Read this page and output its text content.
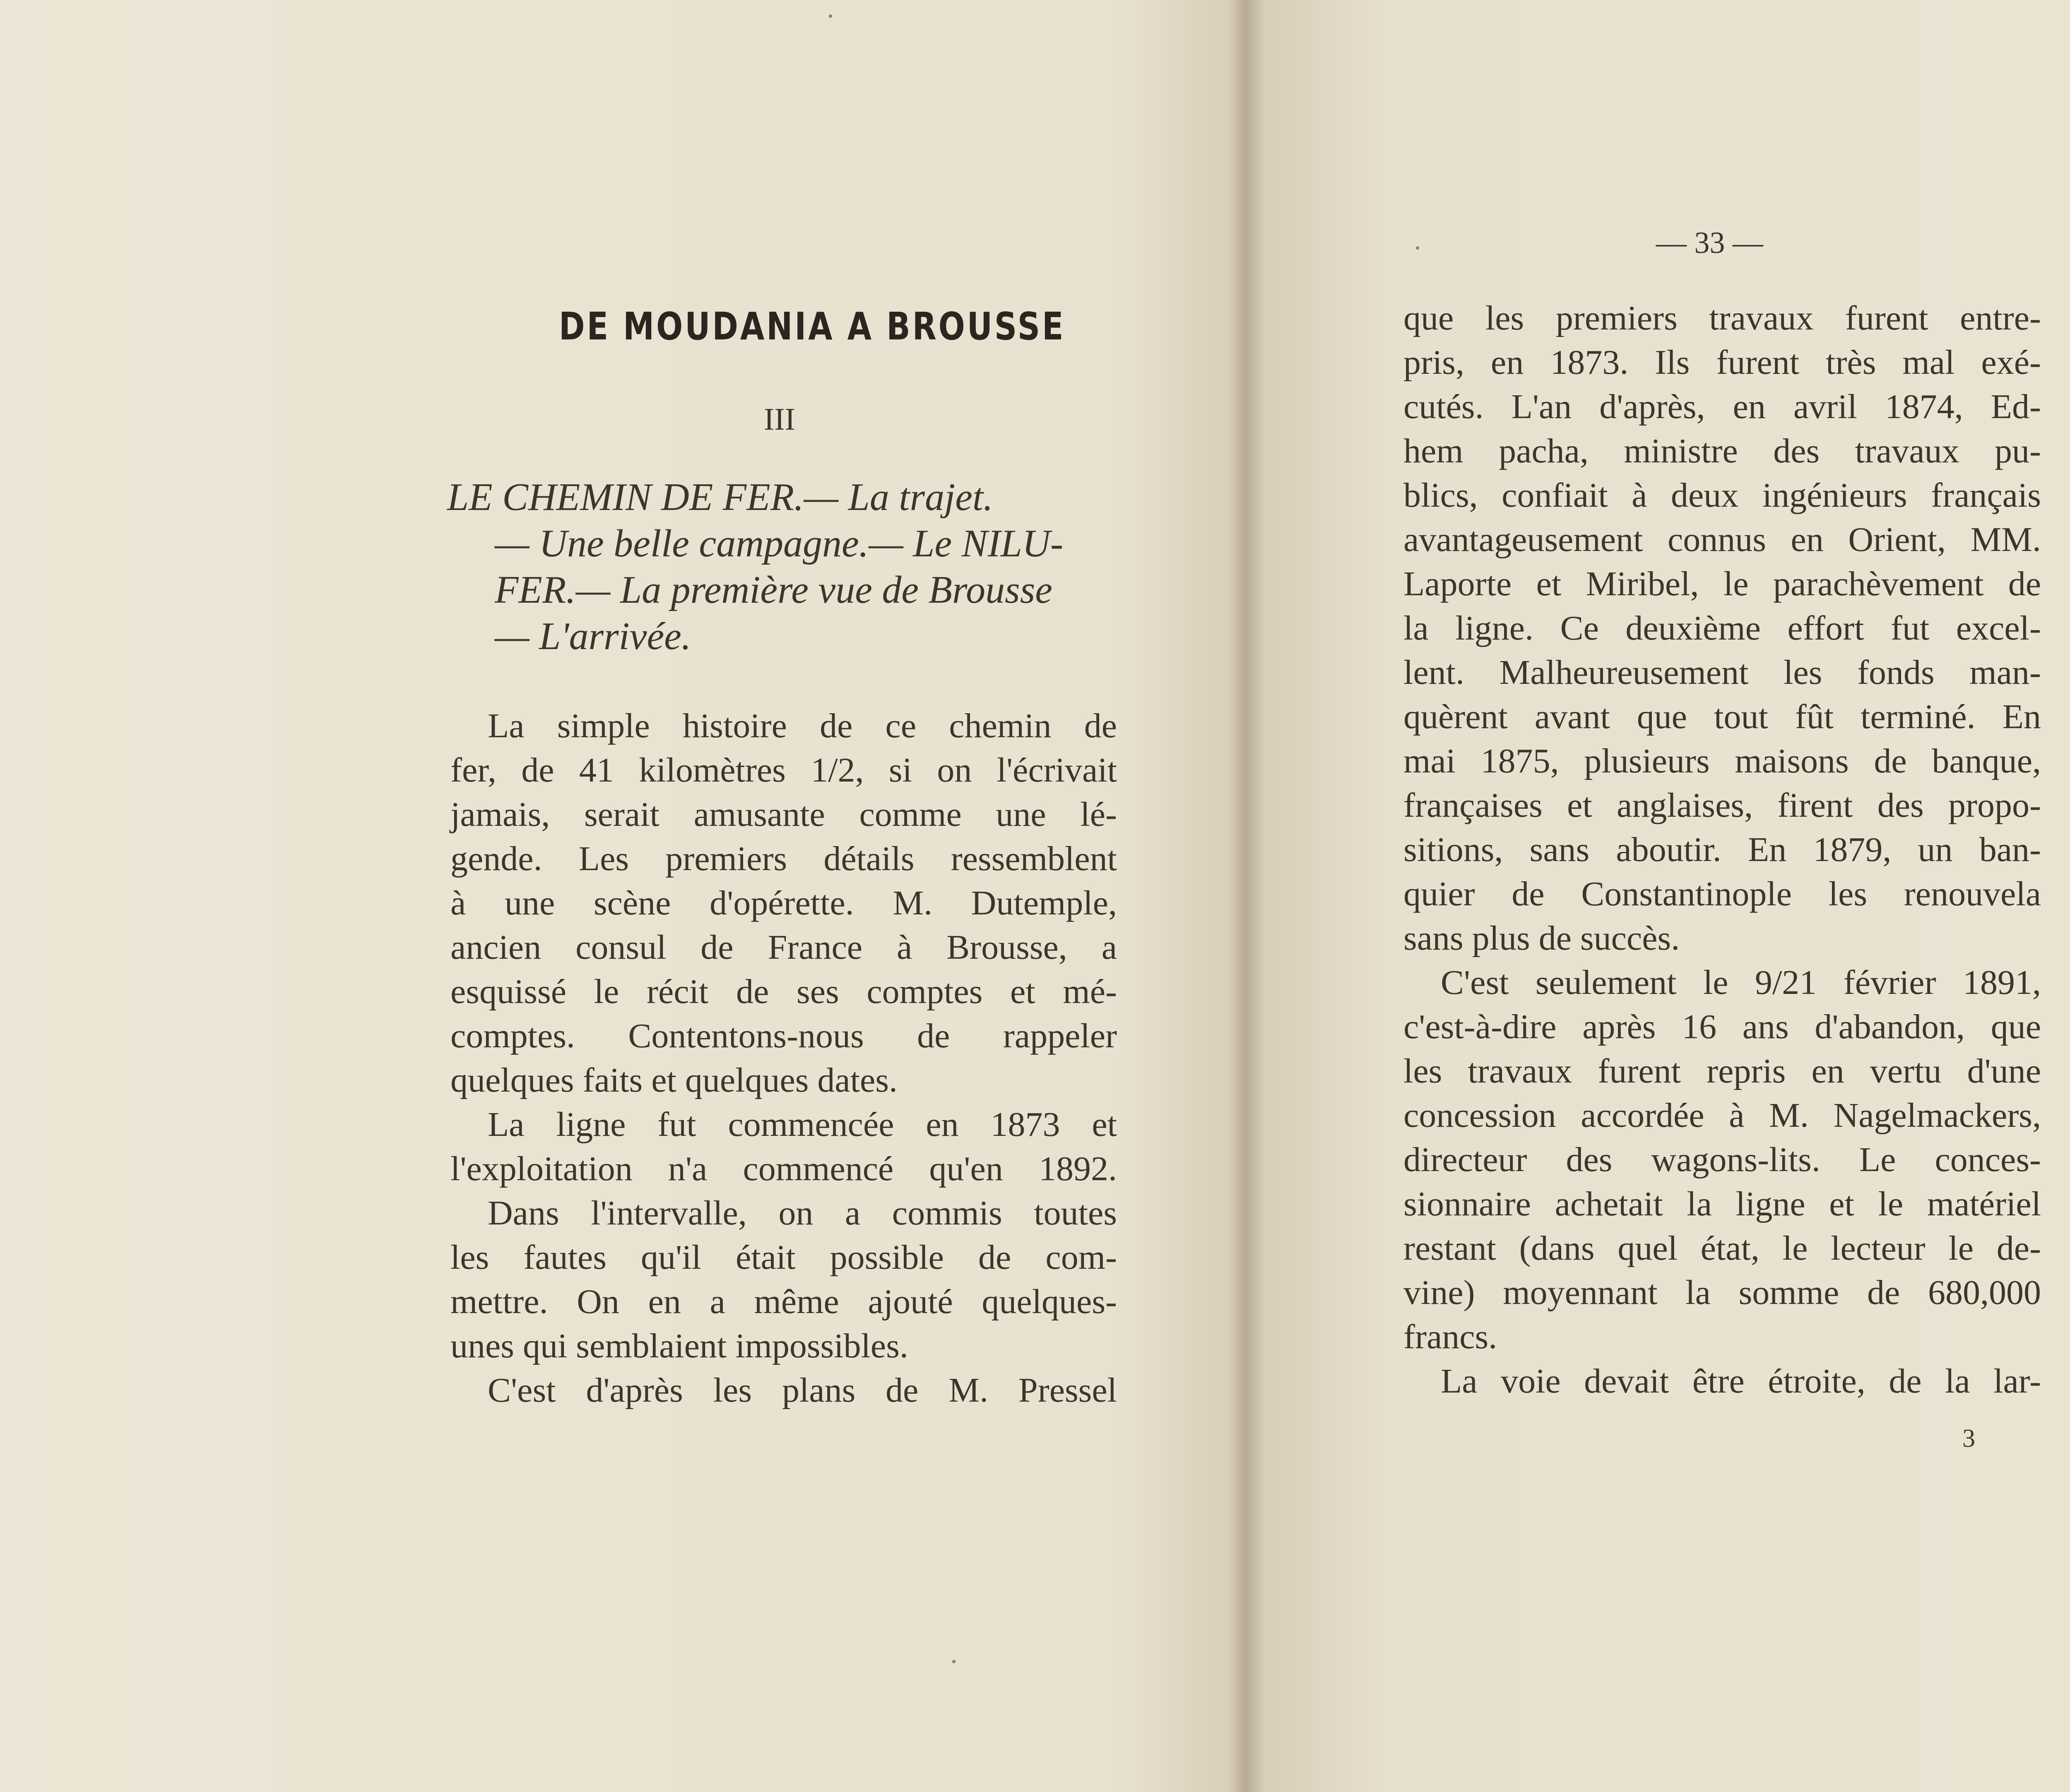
DE MOUDANIA A BROUSSE
III
LE CHEMIN DE FER.— La trajet.
— Une belle campagne.— Le NILU-
FER.— La première vue de Brousse
— L'arrivée.
La simple histoire de ce chemin de
fer, de 41 kilomètres 1/2, si on l'écrivait
jamais, serait amusante comme une lé-
gende. Les premiers détails ressemblent
à une scène d'opérette. M. Dutemple,
ancien consul de France à Brousse, a
esquissé le récit de ses comptes et mé-
comptes. Contentons-nous de rappeler
quelques faits et quelques dates.
La ligne fut commencée en 1873 et
l'exploitation n'a commencé qu'en 1892.
Dans l'intervalle, on a commis toutes
les fautes qu'il était possible de com-
mettre. On en a même ajouté quelques-
unes qui semblaient impossibles.
C'est d'après les plans de M. Pressel
— 33 —
que les premiers travaux furent entre-
pris, en 1873. Ils furent très mal exé-
cutés. L'an d'après, en avril 1874, Ed-
hem pacha, ministre des travaux pu-
blics, confiait à deux ingénieurs français
avantageusement connus en Orient, MM.
Laporte et Miribel, le parachèvement de
la ligne. Ce deuxième effort fut excel-
lent. Malheureusement les fonds man-
quèrent avant que tout fût terminé. En
mai 1875, plusieurs maisons de banque,
françaises et anglaises, firent des propo-
sitions, sans aboutir. En 1879, un ban-
quier de Constantinople les renouvela
sans plus de succès.
C'est seulement le 9/21 février 1891,
c'est-à-dire après 16 ans d'abandon, que
les travaux furent repris en vertu d'une
concession accordée à M. Nagelmackers,
directeur des wagons-lits. Le conces-
sionnaire achetait la ligne et le matériel
restant (dans quel état, le lecteur le de-
vine) moyennant la somme de 680,000
francs.
La voie devait être étroite, de la lar-
3
